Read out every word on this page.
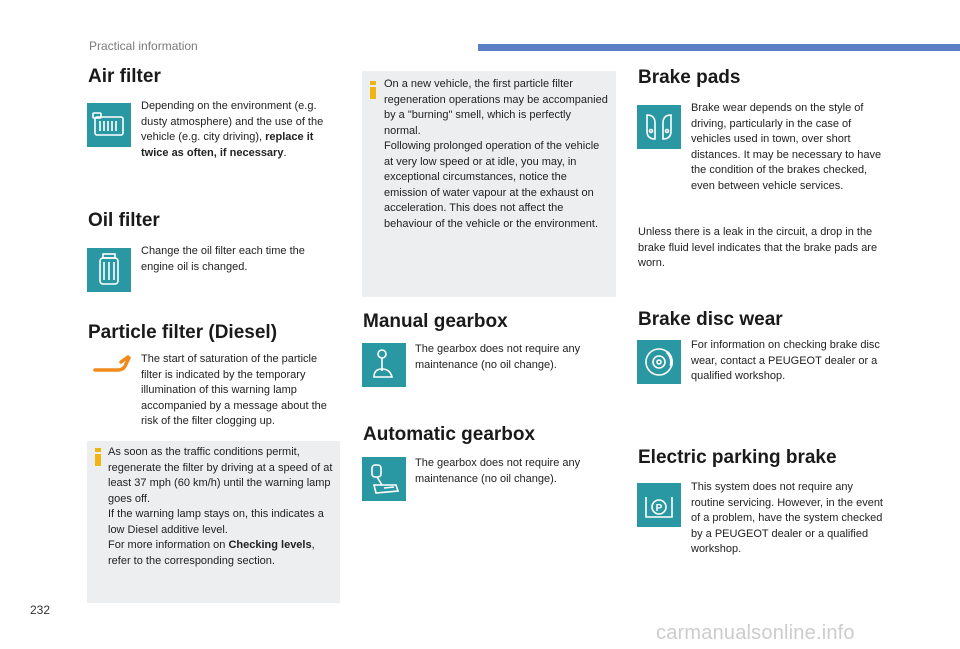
Practical information
Air filter
Depending on the environment (e.g. dusty atmosphere) and the use of the vehicle (e.g. city driving), replace it twice as often, if necessary.
Oil filter
Change the oil filter each time the engine oil is changed.
Particle filter (Diesel)
The start of saturation of the particle filter is indicated by the temporary illumination of this warning lamp accompanied by a message about the risk of the filter clogging up.
As soon as the traffic conditions permit, regenerate the filter by driving at a speed of at least 37 mph (60 km/h) until the warning lamp goes off.
If the warning lamp stays on, this indicates a low Diesel additive level.
For more information on Checking levels, refer to the corresponding section.
On a new vehicle, the first particle filter regeneration operations may be accompanied by a "burning" smell, which is perfectly normal.
Following prolonged operation of the vehicle at very low speed or at idle, you may, in exceptional circumstances, notice the emission of water vapour at the exhaust on acceleration. This does not affect the behaviour of the vehicle or the environment.
Manual gearbox
The gearbox does not require any maintenance (no oil change).
Automatic gearbox
The gearbox does not require any maintenance (no oil change).
Brake pads
Brake wear depends on the style of driving, particularly in the case of vehicles used in town, over short distances. It may be necessary to have the condition of the brakes checked, even between vehicle services.
Unless there is a leak in the circuit, a drop in the brake fluid level indicates that the brake pads are worn.
Brake disc wear
For information on checking brake disc wear, contact a PEUGEOT dealer or a qualified workshop.
Electric parking brake
P
This system does not require any routine servicing. However, in the event of a problem, have the system checked by a PEUGEOT dealer or a qualified workshop.
232
carmanualsonline.info
